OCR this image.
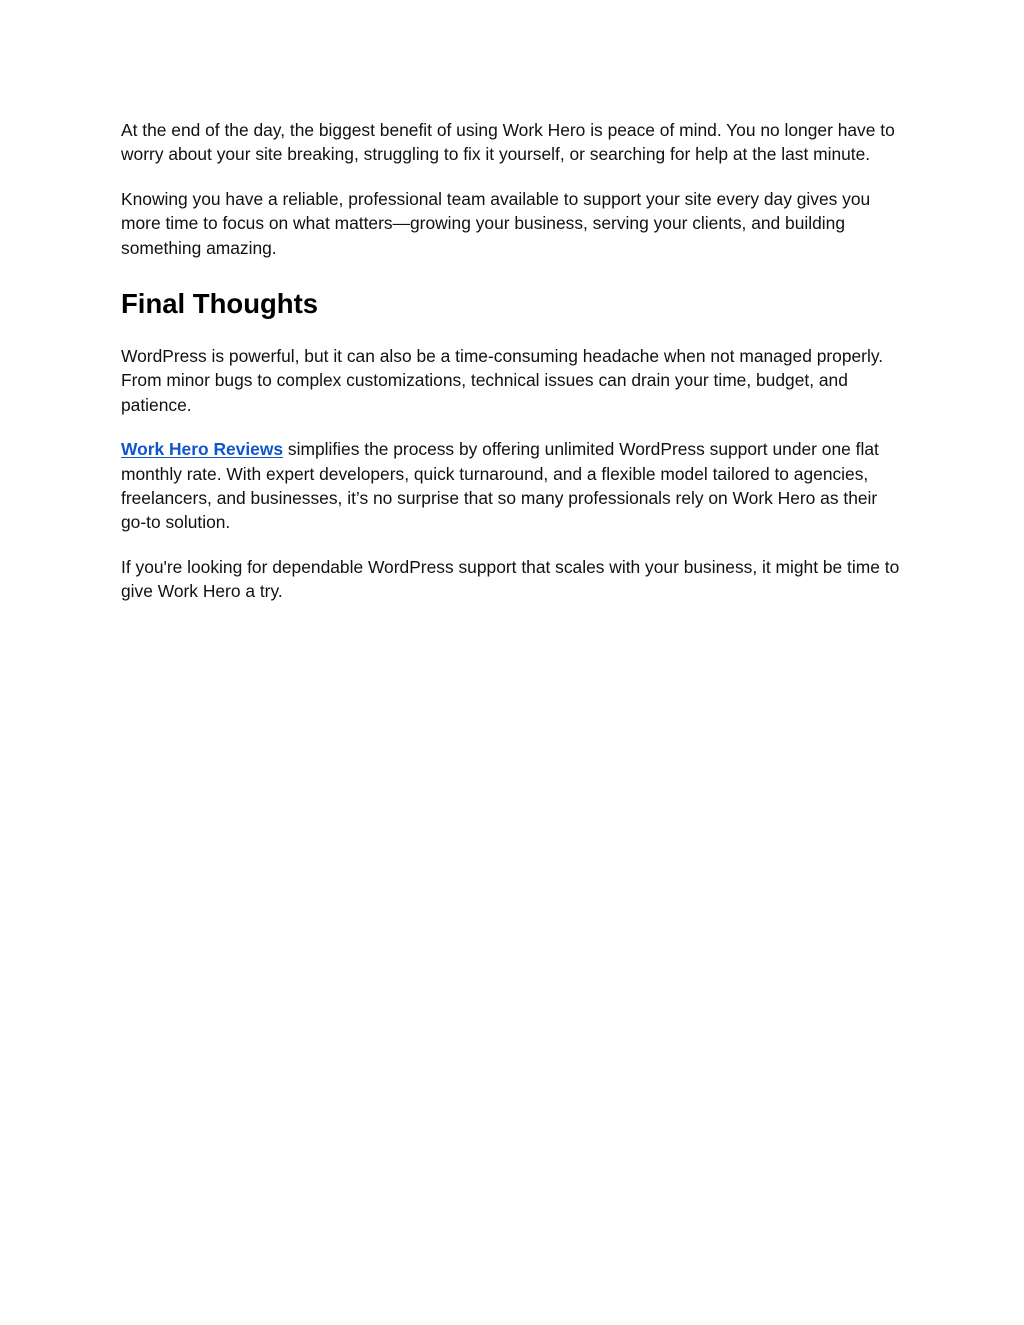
At the end of the day, the biggest benefit of using Work Hero is peace of mind. You no longer have to worry about your site breaking, struggling to fix it yourself, or searching for help at the last minute.

Knowing you have a reliable, professional team available to support your site every day gives you more time to focus on what matters—growing your business, serving your clients, and building something amazing.

Final Thoughts

WordPress is powerful, but it can also be a time-consuming headache when not managed properly. From minor bugs to complex customizations, technical issues can drain your time, budget, and patience.

Work Hero Reviews simplifies the process by offering unlimited WordPress support under one flat monthly rate. With expert developers, quick turnaround, and a flexible model tailored to agencies, freelancers, and businesses, it’s no surprise that so many professionals rely on Work Hero as their go-to solution.

If you're looking for dependable WordPress support that scales with your business, it might be time to give Work Hero a try.
